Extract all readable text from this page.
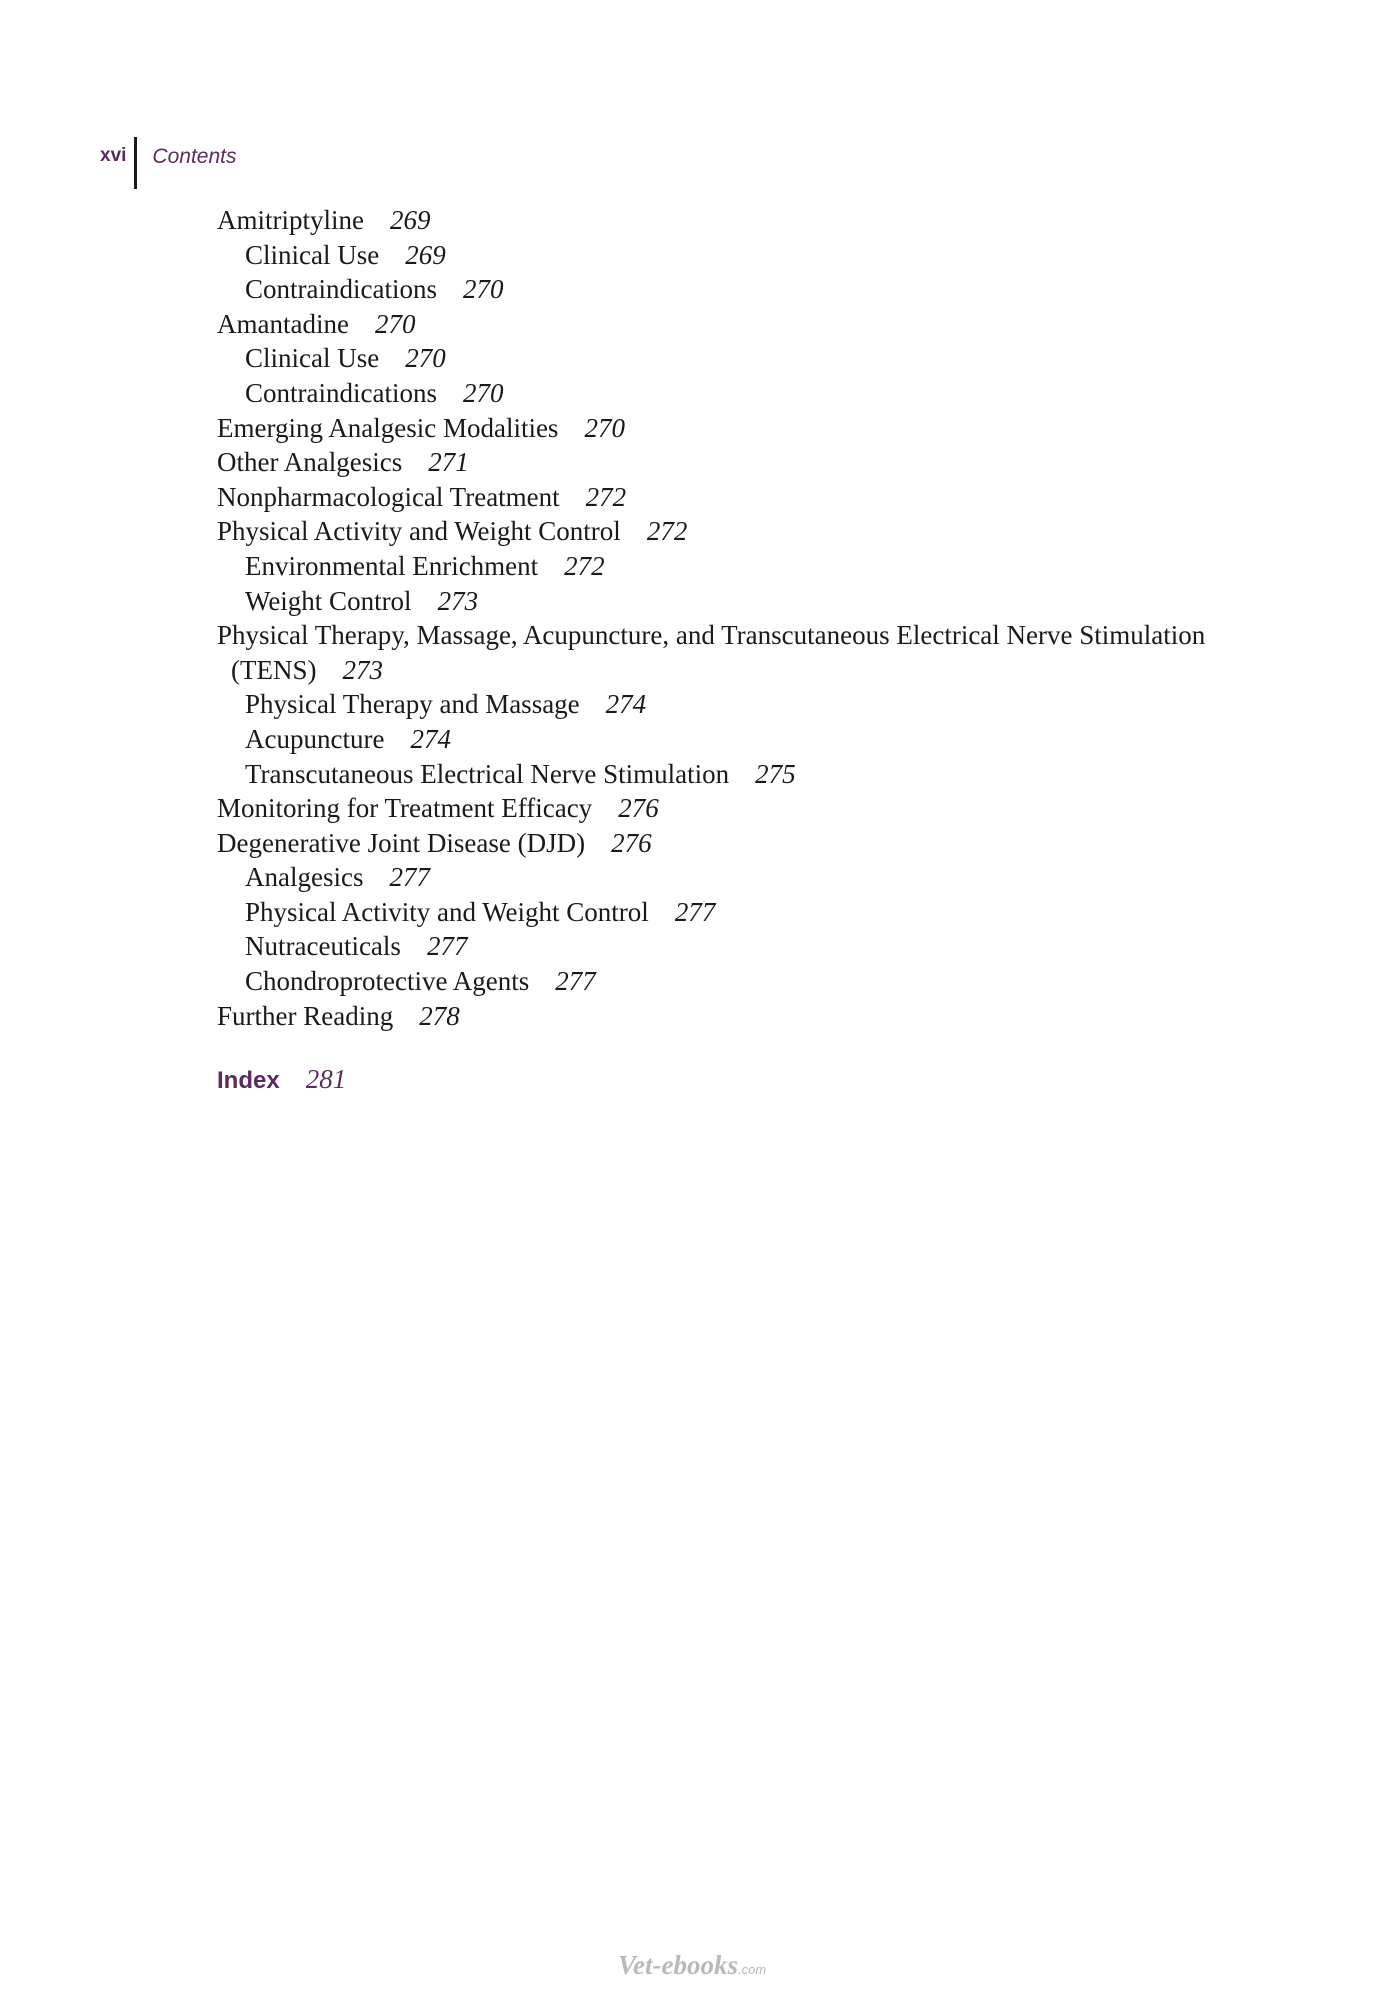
xvi	Contents
Amitriptyline 269
Clinical Use 269
Contraindications 270
Amantadine 270
Clinical Use 270
Contraindications 270
Emerging Analgesic Modalities 270
Other Analgesics 271
Nonpharmacological Treatment 272
Physical Activity and Weight Control 272
Environmental Enrichment 272
Weight Control 273
Physical Therapy, Massage, Acupuncture, and Transcutaneous Electrical Nerve Stimulation (TENS) 273
Physical Therapy and Massage 274
Acupuncture 274
Transcutaneous Electrical Nerve Stimulation 275
Monitoring for Treatment Efficacy 276
Degenerative Joint Disease (DJD) 276
Analgesics 277
Physical Activity and Weight Control 277
Nutraceuticals 277
Chondroprotective Agents 277
Further Reading 278
Index 281
Vet-ebooks .com
